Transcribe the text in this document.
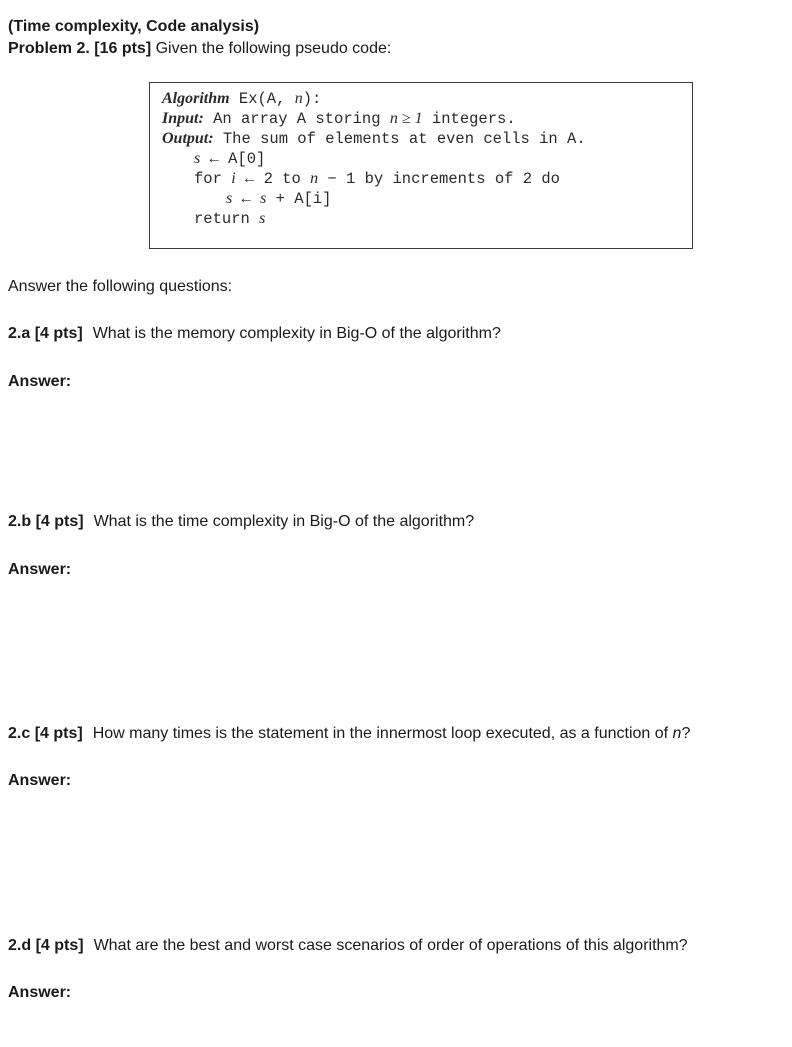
(Time complexity, Code analysis)

Problem 2. [16 pts] Given the following pseudo code:

Algorithm Ex(A, n):
Input: An array A storing n ≥ 1 integers.
Output: The sum of elements at even cells in A.
s ← A[0]
for i ← 2 to n − 1 by increments of 2 do
s ← s + A[i]
return s
Answer the following questions:
2.a [4 pts] What is the memory complexity in Big-O of the algorithm?
Answer:
2.b [4 pts] What is the time complexity in Big-O of the algorithm?
Answer:
2.c [4 pts] How many times is the statement in the innermost loop executed, as a function of n?
Answer:
2.d [4 pts] What are the best and worst case scenarios of order of operations of this algorithm?
Answer:
